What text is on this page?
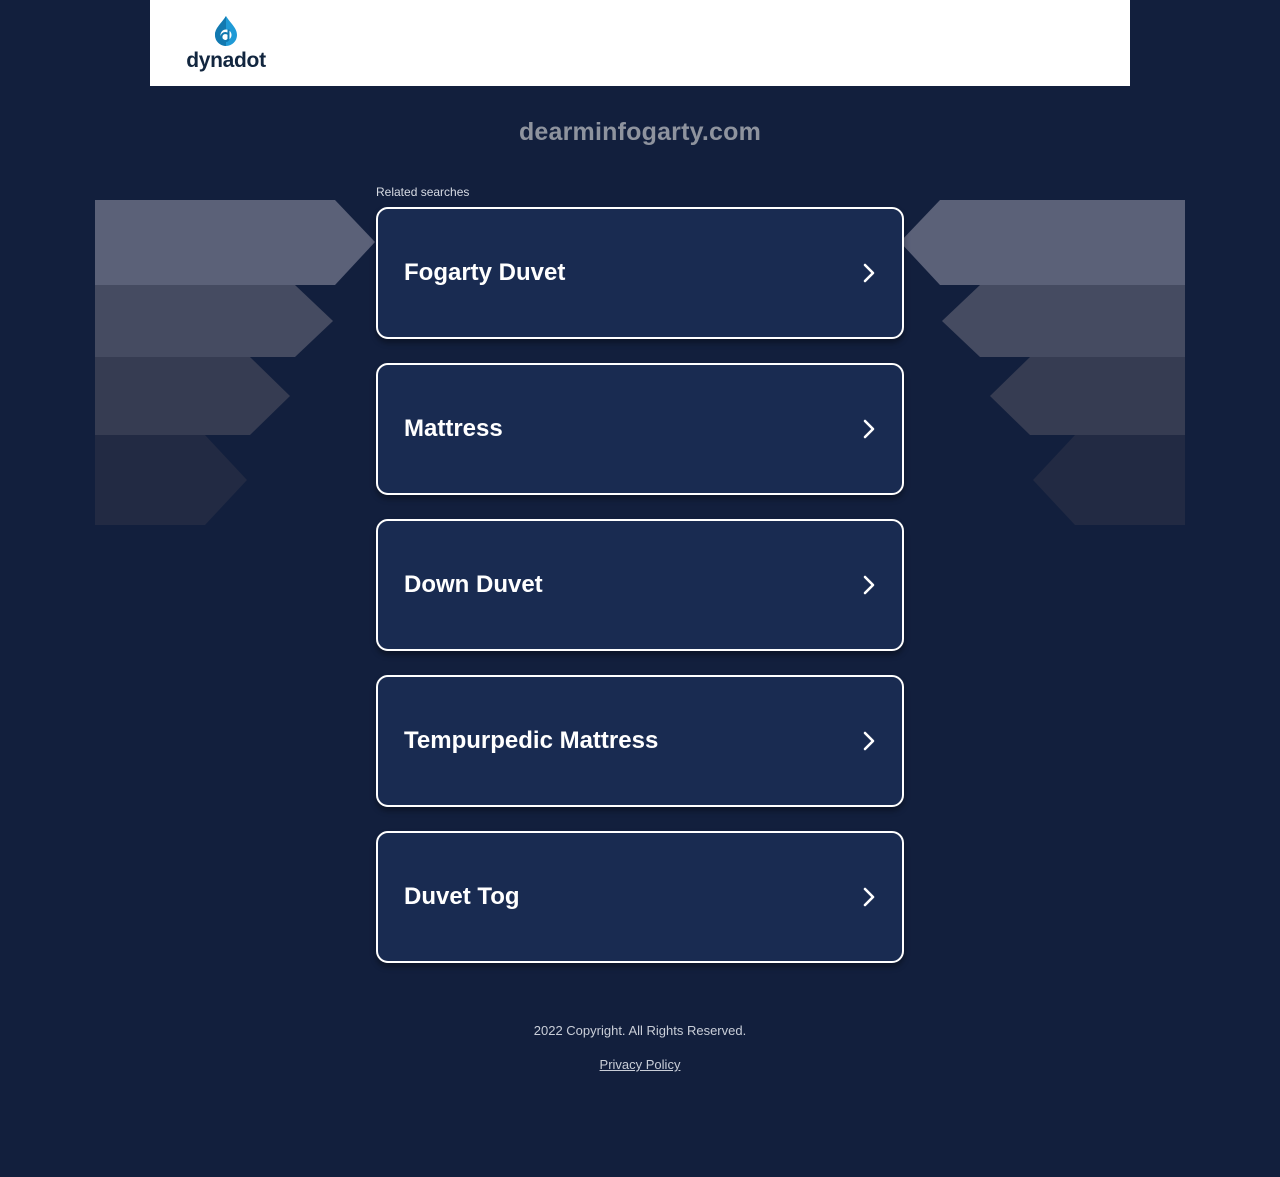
dynadot
dearminfogarty.com
Related searches
Fogarty Duvet
Mattress
Down Duvet
Tempurpedic Mattress
Duvet Tog
2022 Copyright. All Rights Reserved.
Privacy Policy
